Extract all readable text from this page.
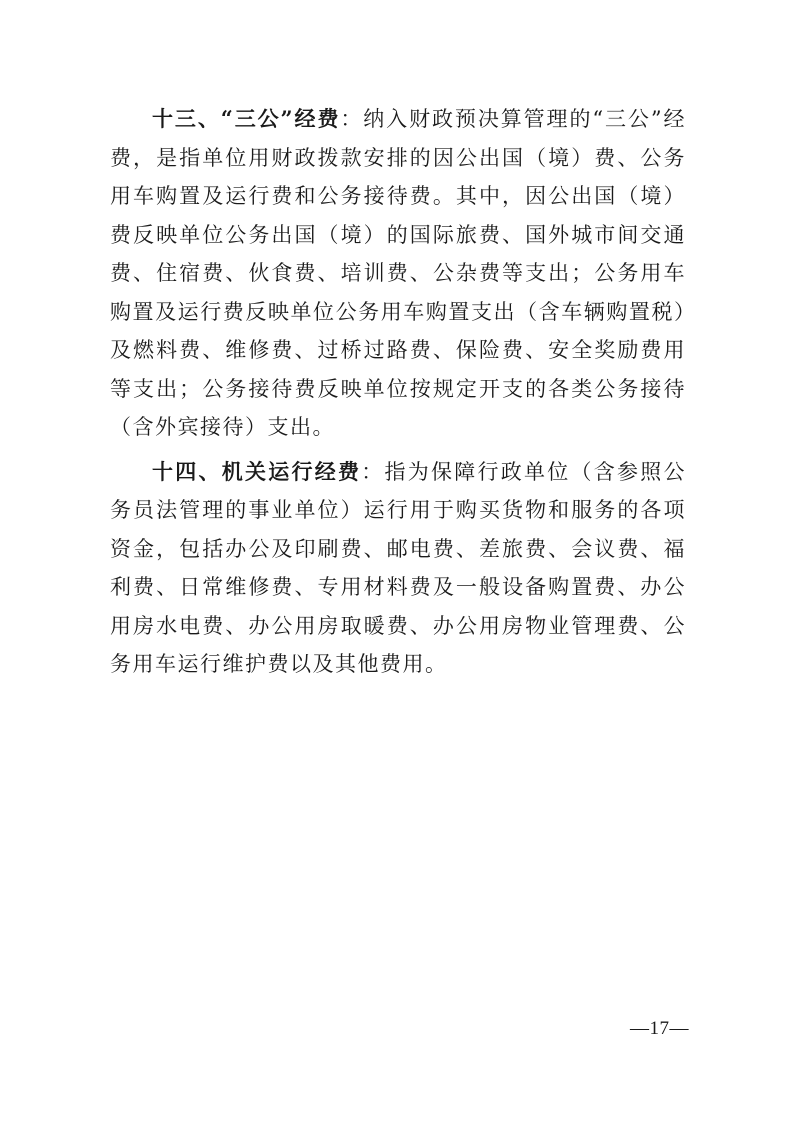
十三、“三公”经费：纳入财政预决算管理的“三公”经费，是指单位用财政拨款安排的因公出国（境）费、公务用车购置及运行费和公务接待费。其中，因公出国（境）费反映单位公务出国（境）的国际旅费、国外城市间交通费、住宿费、伙食费、培训费、公杂费等支出；公务用车购置及运行费反映单位公务用车购置支出（含车辆购置税）及燃料费、维修费、过桥过路费、保险费、安全奖励费用等支出；公务接待费反映单位按规定开支的各类公务接待（含外宾接待）支出。

十四、机关运行经费：指为保障行政单位（含参照公务员法管理的事业单位）运行用于购买货物和服务的各项资金，包括办公及印刷费、邮电费、差旅费、会议费、福利费、日常维修费、专用材料费及一般设备购置费、办公用房水电费、办公用房取暖费、办公用房物业管理费、公务用车运行维护费以及其他费用。

—17—
